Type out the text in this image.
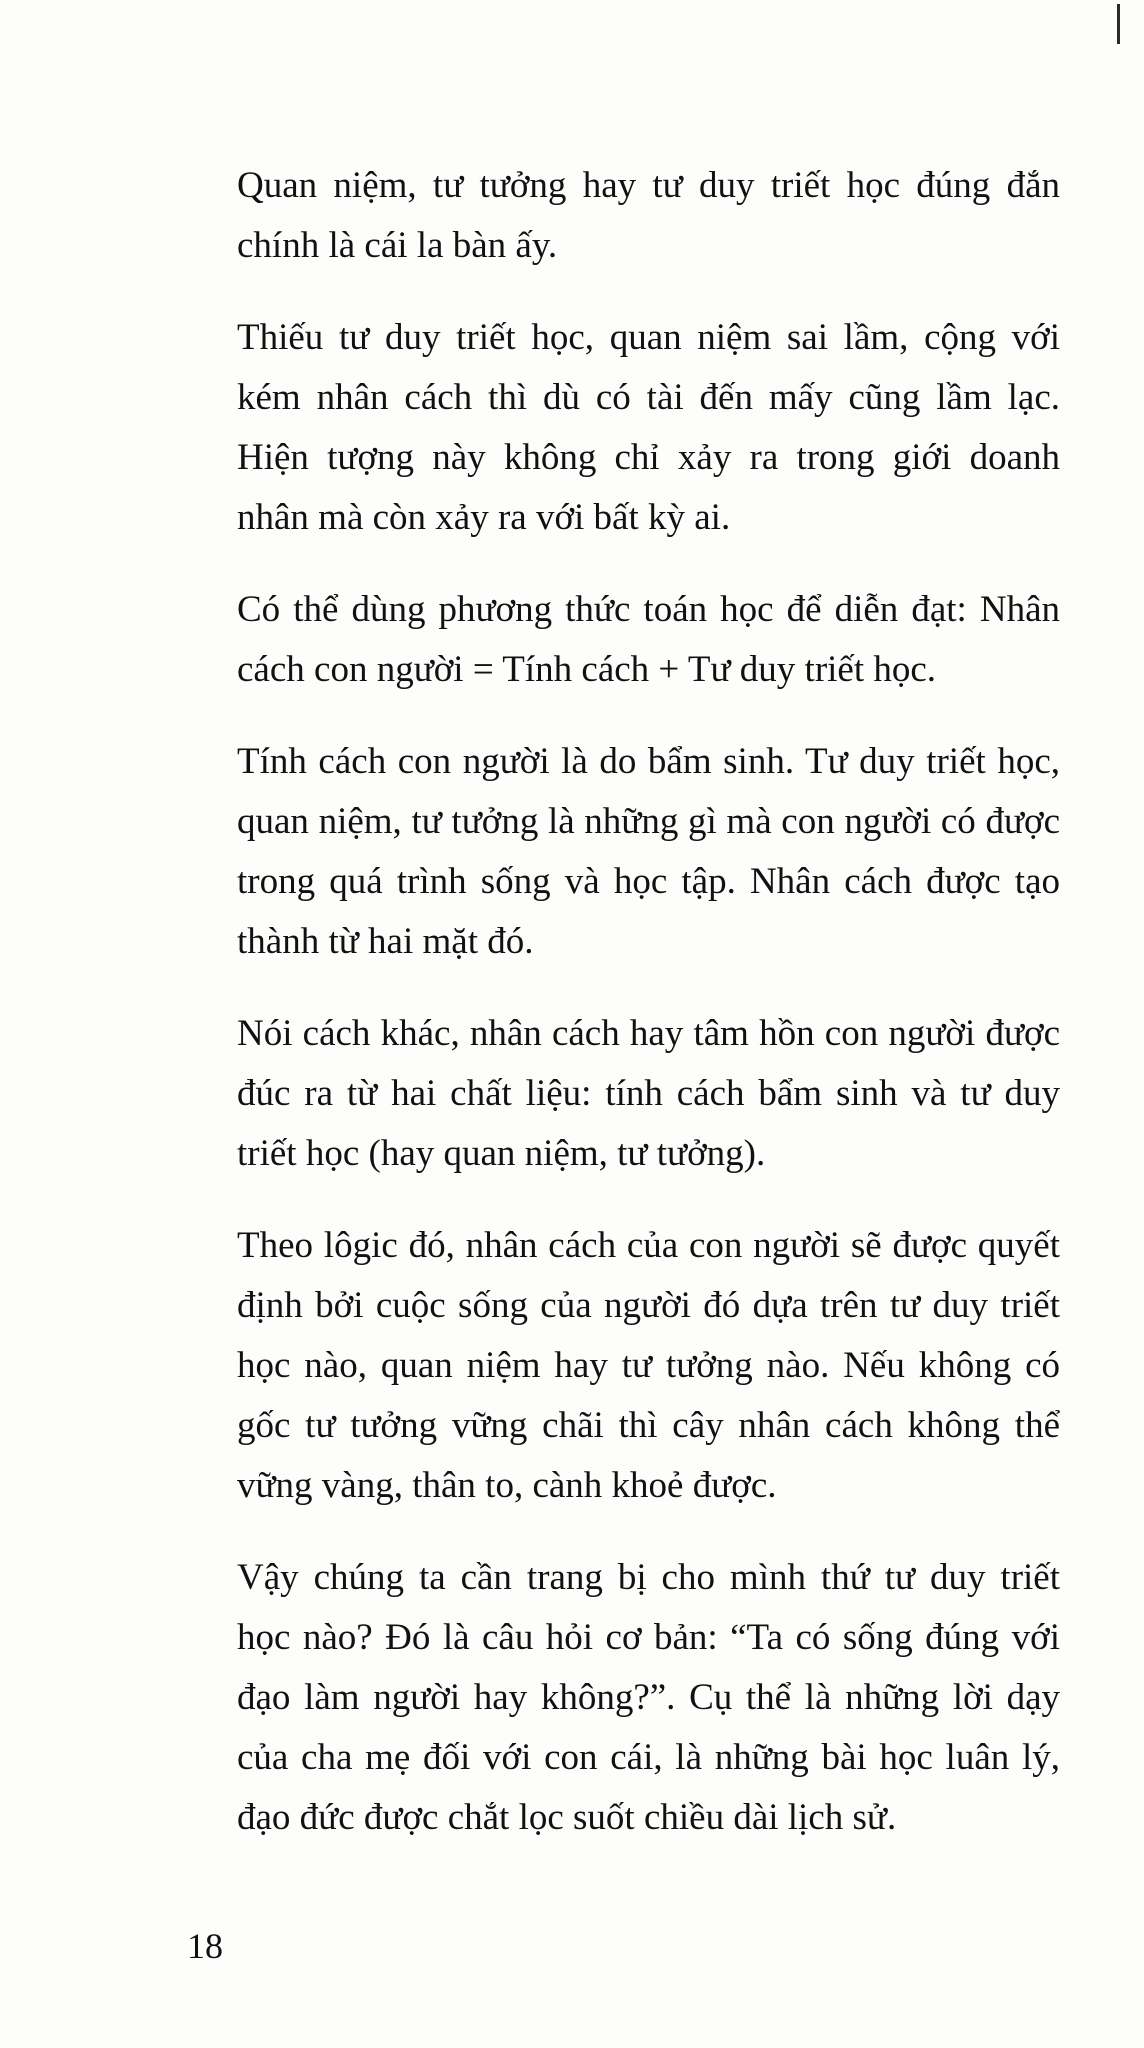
Quan niệm, tư tưởng hay tư duy triết học đúng đắn chính là cái la bàn ấy.

Thiếu tư duy triết học, quan niệm sai lầm, cộng với kém nhân cách thì dù có tài đến mấy cũng lầm lạc. Hiện tượng này không chỉ xảy ra trong giới doanh nhân mà còn xảy ra với bất kỳ ai.

Có thể dùng phương thức toán học để diễn đạt: Nhân cách con người = Tính cách + Tư duy triết học.

Tính cách con người là do bẩm sinh. Tư duy triết học, quan niệm, tư tưởng là những gì mà con người có được trong quá trình sống và học tập. Nhân cách được tạo thành từ hai mặt đó.

Nói cách khác, nhân cách hay tâm hồn con người được đúc ra từ hai chất liệu: tính cách bẩm sinh và tư duy triết học (hay quan niệm, tư tưởng).

Theo lôgic đó, nhân cách của con người sẽ được quyết định bởi cuộc sống của người đó dựa trên tư duy triết học nào, quan niệm hay tư tưởng nào. Nếu không có gốc tư tưởng vững chãi thì cây nhân cách không thể vững vàng, thân to, cành khoẻ được.

Vậy chúng ta cần trang bị cho mình thứ tư duy triết học nào? Đó là câu hỏi cơ bản: “Ta có sống đúng với đạo làm người hay không?”. Cụ thể là những lời dạy của cha mẹ đối với con cái, là những bài học luân lý, đạo đức được chắt lọc suốt chiều dài lịch sử.

18
